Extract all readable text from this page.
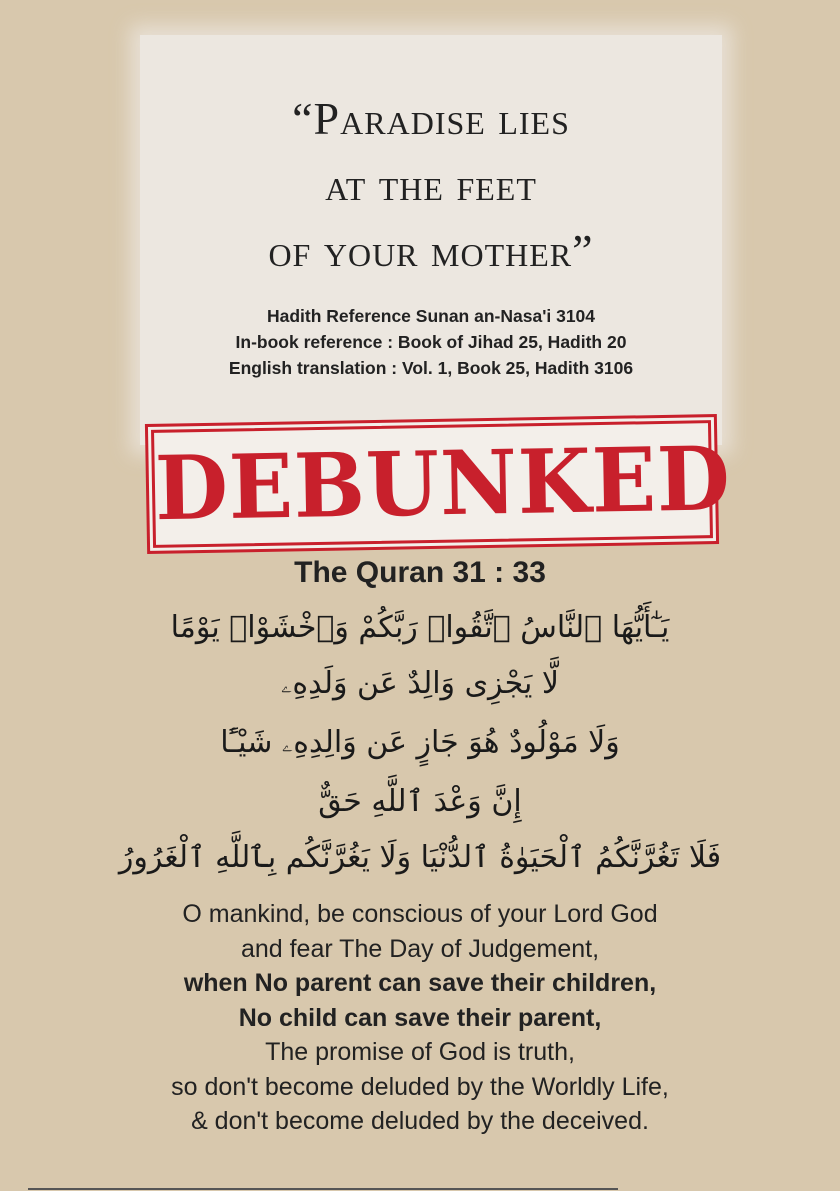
“Paradise lies
at the feet
of your mother”
Hadith Reference Sunan an-Nasa'i 3104
In-book reference : Book of Jihad 25, Hadith 20
English translation : Vol. 1, Book 25, Hadith 3106
DEBUNKED
The Quran 31 : 33
يَـٰٓأَيُّهَا ٱلنَّاسُ ٱتَّقُوا۟ رَبَّكُمْ وَٱخْشَوْا۟ يَوْمًا
لَّا يَجْزِى وَالِدٌ عَن وَلَدِهِۦ
وَلَا مَوْلُودٌ هُوَ جَازٍ عَن وَالِدِهِۦ شَيْـًٔا
إِنَّ وَعْدَ ٱللَّهِ حَقٌّ
فَلَا تَغُرَّنَّكُمُ ٱلْحَيَوٰةُ ٱلدُّنْيَا وَلَا يَغُرَّنَّكُم بِٱللَّهِ ٱلْغَرُورُ
O mankind, be conscious of your Lord God
and fear The Day of Judgement,
when No parent can save their children,
No child can save their parent,
The promise of God is truth,
so don't become deluded by the Worldly Life,
& don't become deluded by the deceived.
